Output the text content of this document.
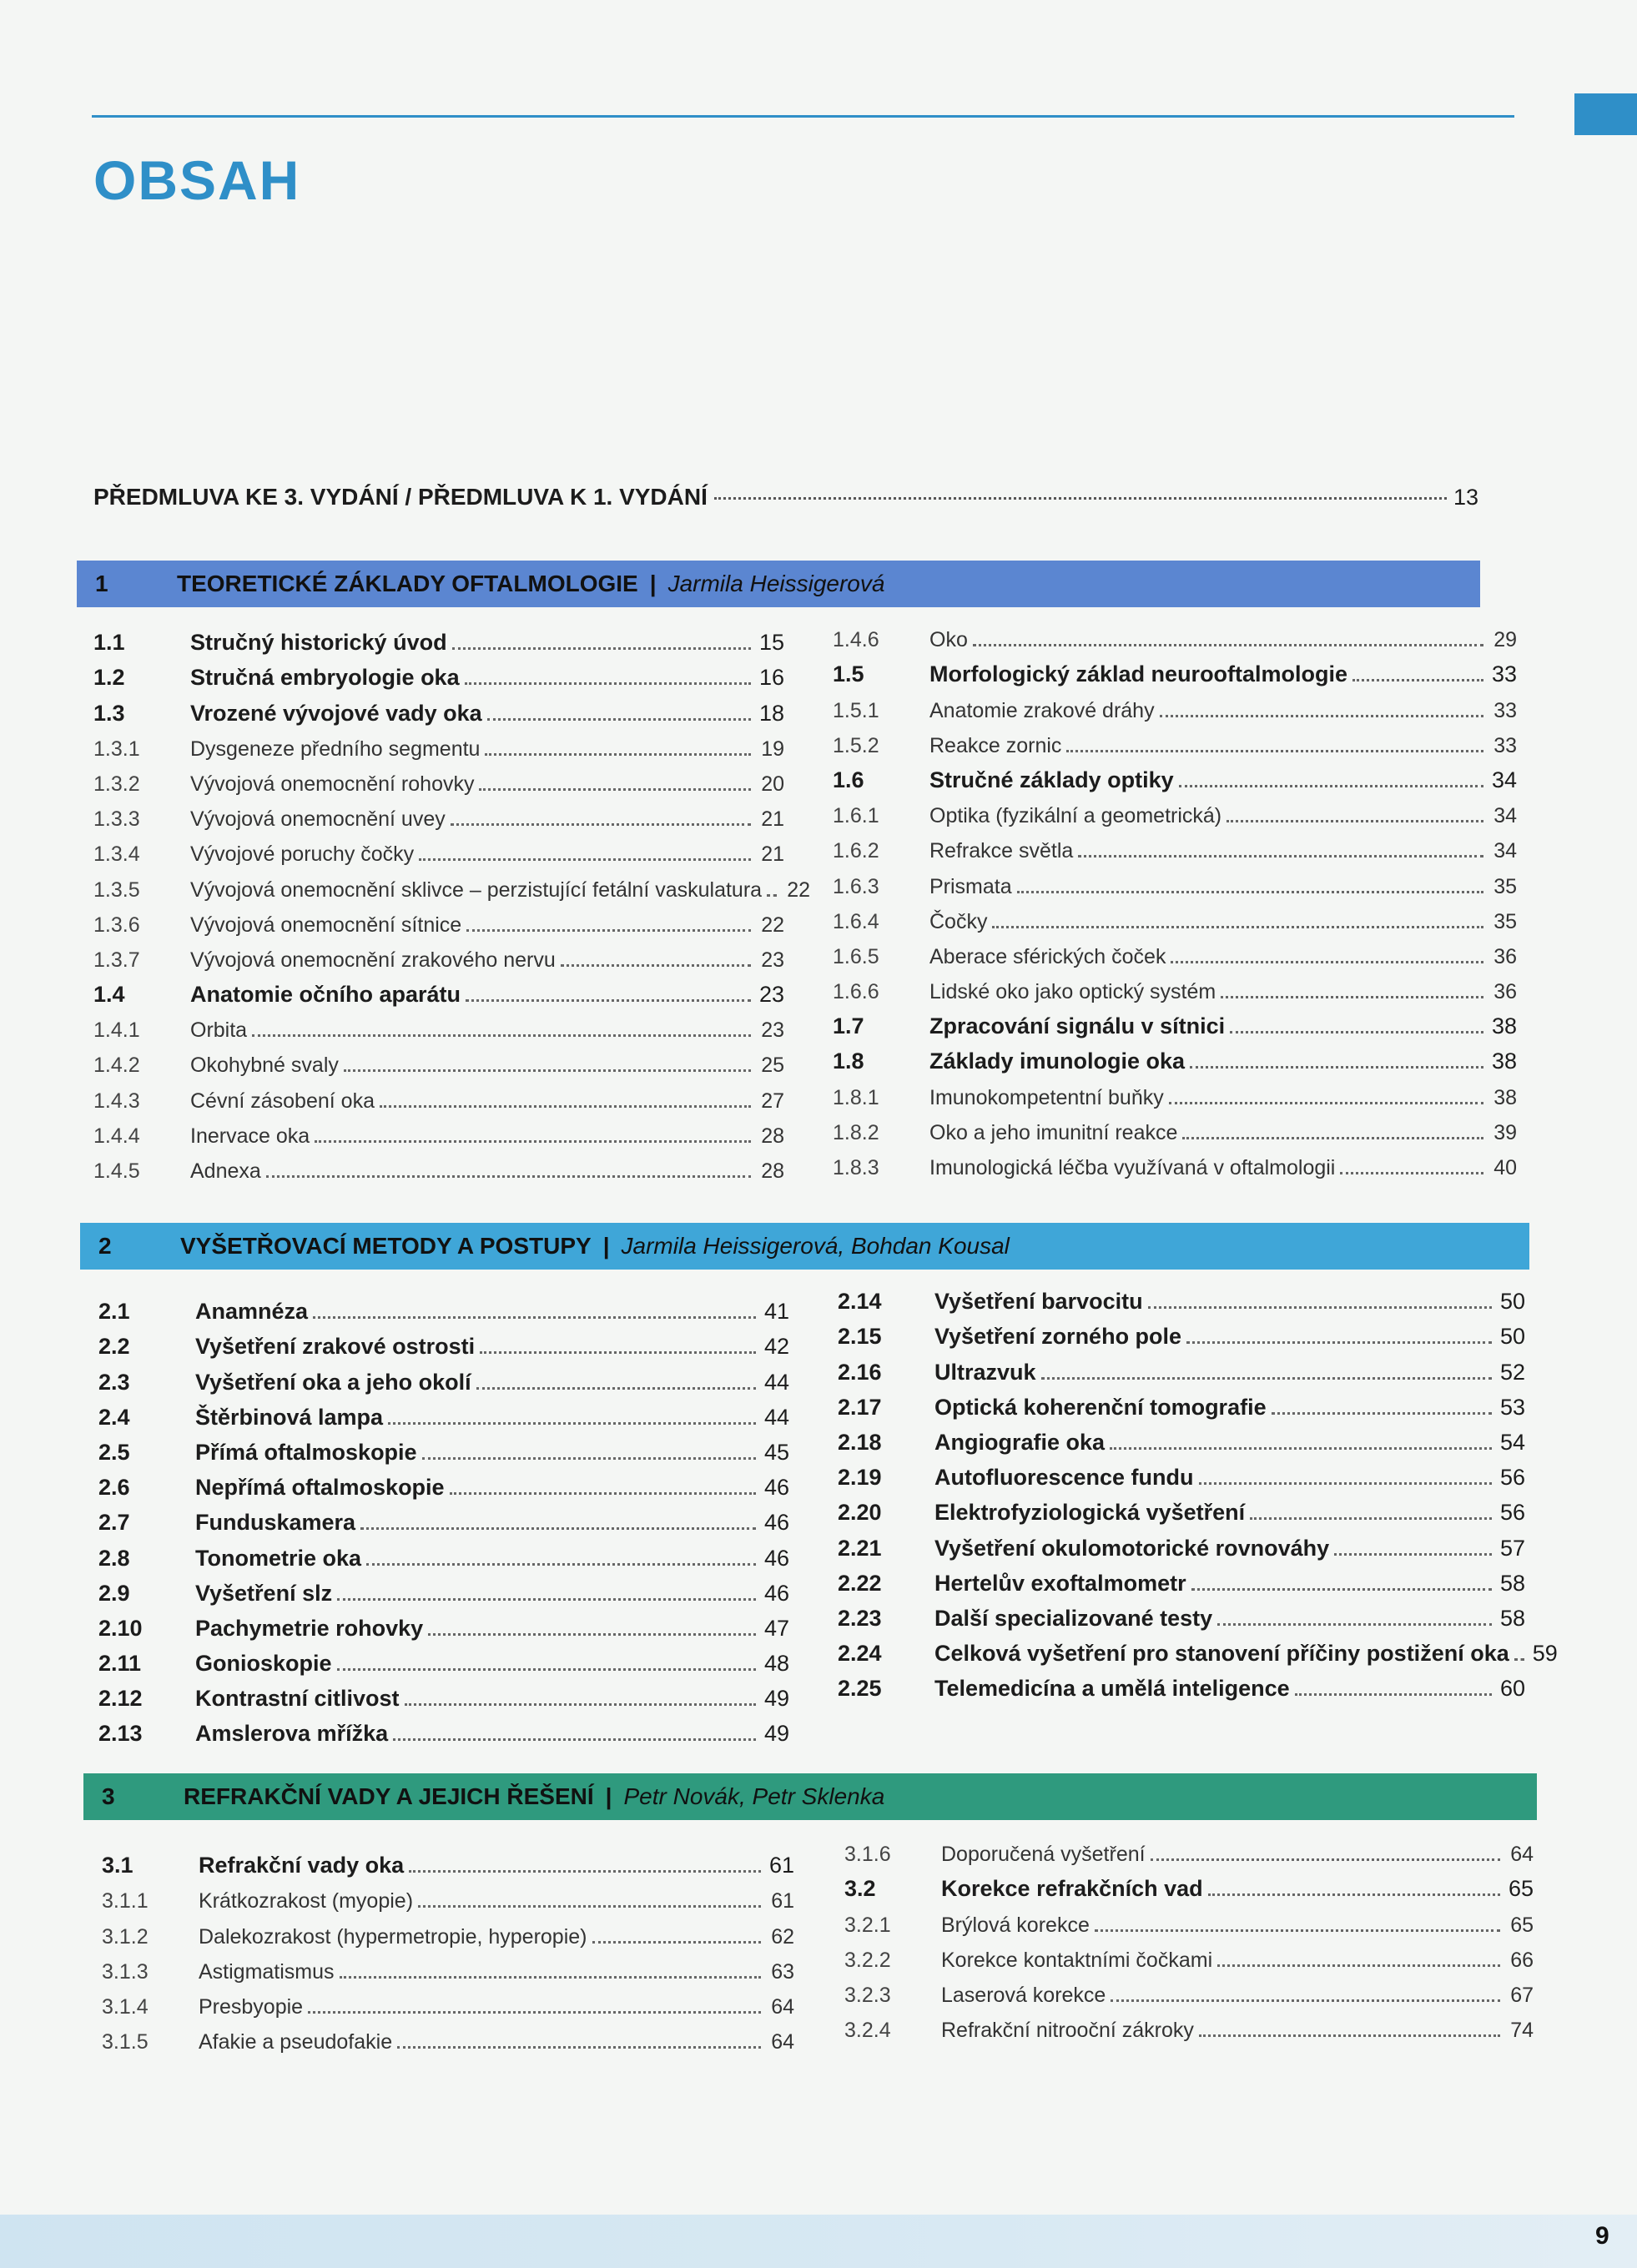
OBSAH
PŘEDMLUVA KE 3. VYDÁNÍ / PŘEDMLUVA K 1. VYDÁNÍ	13
1	TEORETICKÉ ZÁKLADY OFTALMOLOGIE | Jarmila Heissigerová
1.1	Stručný historický úvod	15
1.2	Stručná embryologie oka	16
1.3	Vrozené vývojové vady oka	18
1.3.1	Dysgeneze předního segmentu	19
1.3.2	Vývojová onemocnění rohovky	20
1.3.3	Vývojová onemocnění uvey	21
1.3.4	Vývojové poruchy čočky	21
1.3.5	Vývojová onemocnění sklivce – perzistující fetální vaskulatura 22
1.3.6	Vývojová onemocnění sítnice	22
1.3.7	Vývojová onemocnění zrakového nervu	23
1.4	Anatomie očního aparátu	23
1.4.1	Orbita	23
1.4.2	Okohybné svaly	25
1.4.3	Cévní zásobení oka	27
1.4.4	Inervace oka	28
1.4.5	Adnexa	28
1.4.6	Oko	29
1.5	Morfologický základ neurooftalmologie	33
1.5.1	Anatomie zrakové dráhy	33
1.5.2	Reakce zornic	33
1.6	Stručné základy optiky	34
1.6.1	Optika (fyzikální a geometrická)	34
1.6.2	Refrakce světla	34
1.6.3	Prismata	35
1.6.4	Čočky	35
1.6.5	Aberace sférických čoček	36
1.6.6	Lidské oko jako optický systém	36
1.7	Zpracování signálu v sítnici	38
1.8	Základy imunologie oka	38
1.8.1	Imunokompetentní buňky	38
1.8.2	Oko a jeho imunitní reakce	39
1.8.3	Imunologická léčba využívaná v oftalmologii	40
2	VYŠETŘOVACÍ METODY A POSTUPY | Jarmila Heissigerová, Bohdan Kousal
2.1	Anamnéza	41
2.2	Vyšetření zrakové ostrosti	42
2.3	Vyšetření oka a jeho okolí	44
2.4	Štěrbinová lampa	44
2.5	Přímá oftalmoskopie	45
2.6	Nepřímá oftalmoskopie	46
2.7	Funduskamera	46
2.8	Tonometrie oka	46
2.9	Vyšetření slz	46
2.10	Pachymetrie rohovky	47
2.11	Gonioskopie	48
2.12	Kontrastní citlivost	49
2.13	Amslerova mřížka	49
2.14	Vyšetření barvocitu	50
2.15	Vyšetření zorného pole	50
2.16	Ultrazvuk	52
2.17	Optická koherenční tomografie	53
2.18	Angiografie oka	54
2.19	Autofluorescence fundu	56
2.20	Elektrofyziologická vyšetření	56
2.21	Vyšetření okulomotorické rovnováhy	57
2.22	Hertelův exoftalmometr	58
2.23	Další specializované testy	58
2.24	Celková vyšetření pro stanovení příčiny postižení oka 59
2.25	Telemedicína a umělá inteligence	60
3	REFRAKČNÍ VADY A JEJICH ŘEŠENÍ | Petr Novák, Petr Sklenka
3.1	Refrakční vady oka	61
3.1.1	Krátkozrakost (myopie)	61
3.1.2	Dalekozrakost (hypermetropie, hyperopie)	62
3.1.3	Astigmatismus	63
3.1.4	Presbyopie	64
3.1.5	Afakie a pseudofakie	64
3.1.6	Doporučená vyšetření	64
3.2	Korekce refrakčních vad	65
3.2.1	Brýlová korekce	65
3.2.2	Korekce kontaktními čočkami	66
3.2.3	Laserová korekce	67
3.2.4	Refrakční nitrooční zákroky	74
9
